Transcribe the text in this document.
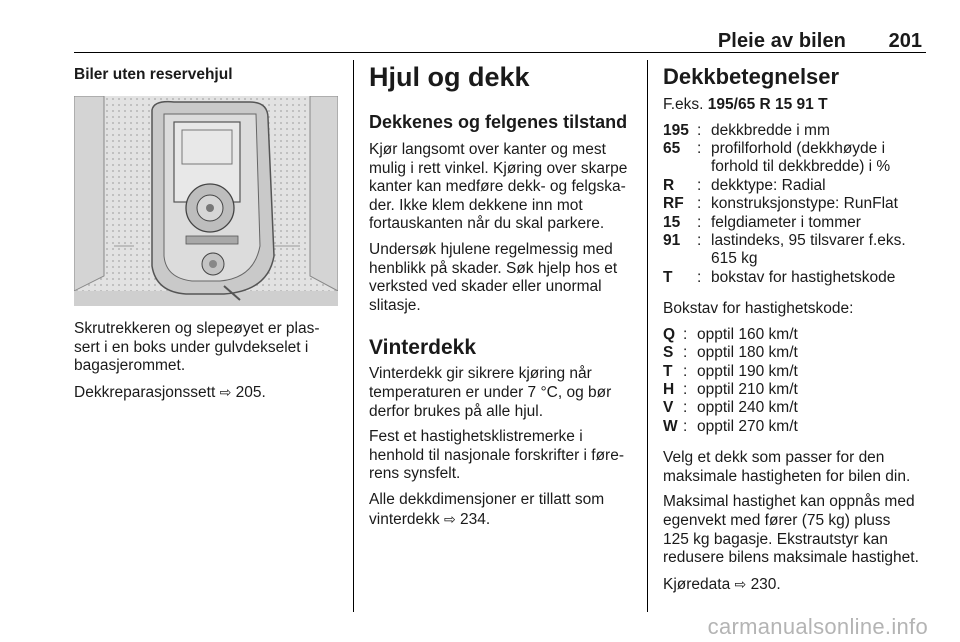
Pleie av bilen 201
Biler uten reservehjul

Skrutrekkeren og slepeøyet er plas-
sert i en boks under gulvdekselet i
bagasjerommet.

Dekkreparasjonssett ⇨ 205.

Hjul og dekk
Dekkenes og felgenes tilstand

Kjør langsomt over kanter og mest
mulig i rett vinkel. Kjøring over skarpe
kanter kan medføre dekk- og felgska-
der. Ikke klem dekkene inn mot
fortauskanten når du skal parkere.

Undersøk hjulene regelmessig med
henblikk på skader. Søk hjelp hos et
verksted ved skader eller unormal
slitasje.

Vinterdekk

Vinterdekk gir sikrere kjøring når
temperaturen er under 7 °C, og bør
derfor brukes på alle hjul.

Fest et hastighetsklistremerke i
henhold til nasjonale forskrifter i føre-
rens synsfelt.

Alle dekkdimensjoner er tillatt som
vinterdekk ⇨ 234.

Dekkbetegnelser

F.eks. 195/65 R 15 91 T

195	:	dekkbredde i mm
65	:	profilforhold (dekkhøyde i
forhold til dekkbredde) i %
R	:	dekktype: Radial
RF	:	konstruksjonstype: RunFlat
15	:	felgdiameter i tommer
91	:	lastindeks, 95 tilsvarer f.eks.
615 kg
T	:	bokstav for hastighetskode

Bokstav for hastighetskode:

Q	:	opptil 160 km/t
S	:	opptil 180 km/t
T	:	opptil 190 km/t
H	:	opptil 210 km/t
V	:	opptil 240 km/t
W	:	opptil 270 km/t

Velg et dekk som passer for den
maksimale hastigheten for bilen din.

Maksimal hastighet kan oppnås med
egenvekt med fører (75 kg) pluss
125 kg bagasje. Ekstrautstyr kan
redusere bilens maksimale hastighet.

Kjøredata ⇨ 230.

carmanualsonline.info
